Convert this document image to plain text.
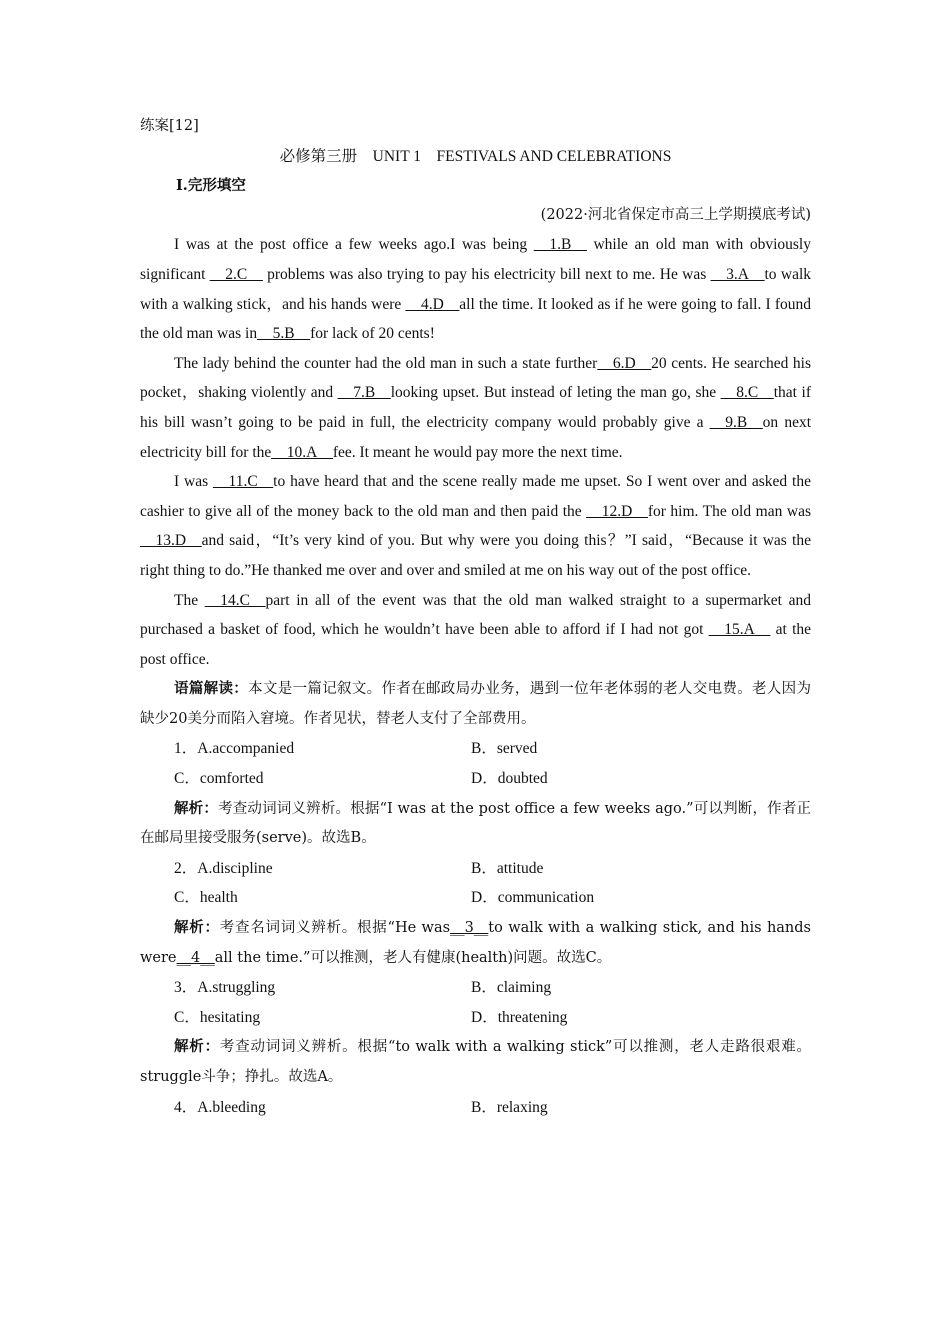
练案[12]
必修第三册　UNIT 1　FESTIVALS AND CELEBRATIONS
Ⅰ.完形填空
(2022·河北省保定市高三上学期摸底考试)

I was at the post office a few weeks ago.I was being __1.B__ while an old man with obviously significant __2.C__ problems was also trying to pay his electricity bill next to me. He was __3.A__to walk with a walking stick，and his hands were __4.D__all the time. It looked as if he were going to fall. I found the old man was in__5.B__for lack of 20 cents!

The lady behind the counter had the old man in such a state further__6.D__20 cents. He searched his pocket，shaking violently and __7.B__looking upset. But instead of leting the man go, she __8.C__that if his bill wasn’t going to be paid in full, the electricity company would probably give a __9.B__on next electricity bill for the__10.A__fee. It meant he would pay more the next time.

I was __11.C__to have heard that and the scene really made me upset. So I went over and asked the cashier to give all of the money back to the old man and then paid the __12.D__for him. The old man was __13.D__and said，“It’s very kind of you. But why were you doing this？”I said，“Because it was the right thing to do.”He thanked me over and over and smiled at me on his way out of the post office.

The __14.C__part in all of the event was that the old man walked straight to a supermarket and purchased a basket of food, which he wouldn’t have been able to afford if I had not got __15.A__ at the post office.

语篇解读：本文是一篇记叙文。作者在邮政局办业务，遇到一位年老体弱的老人交电费。老人因为缺少20美分而陷入窘境。作者见状，替老人支付了全部费用。

1．A.accompanied	B．served
C．comforted	D．doubted

解析：考查动词词义辨析。根据“I was at the post office a few weeks ago.”可以判断，作者正在邮局里接受服务(serve)。故选B。

2．A.discipline	B．attitude
C．health	D．communication

解析：考查名词词义辨析。根据“He was__3__to walk with a walking stick, and his hands were__4__all the time.”可以推测，老人有健康(health)问题。故选C。

3．A.struggling	B．claiming
C．hesitating	D．threatening

解析：考查动词词义辨析。根据“to walk with a walking stick”可以推测，老人走路很艰难。struggle斗争；挣扎。故选A。

4．A.bleeding	B．relaxing
